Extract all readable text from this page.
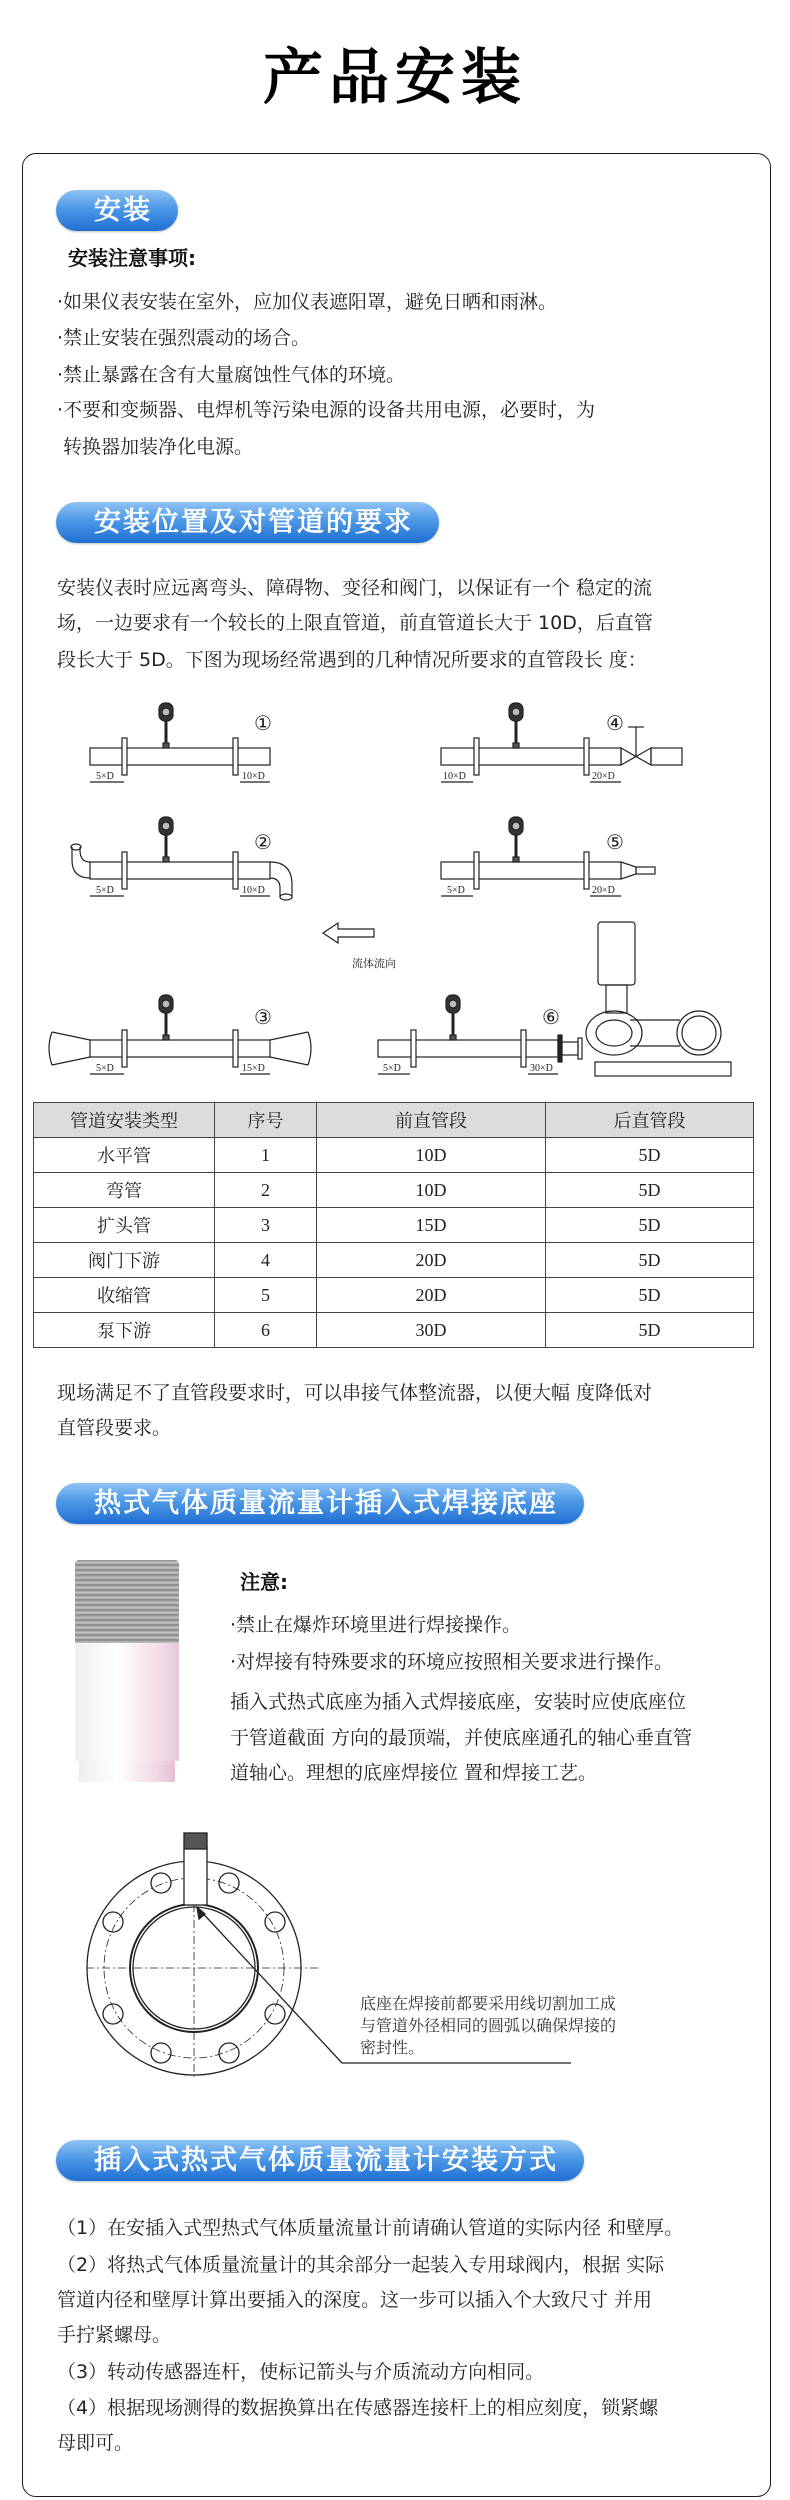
产品安装
安装
安装注意事项:
·如果仪表安装在室外，应加仪表遮阳罩，避免日晒和雨淋。
·禁止安装在强烈震动的场合。
·禁止暴露在含有大量腐蚀性气体的环境。
·不要和变频器、电焊机等污染电源的设备共用电源，必要时，为
转换器加装净化电源。
安装位置及对管道的要求
安装仪表时应远离弯头、障碍物、变径和阀门，以保证有一个 稳定的流
场，一边要求有一个较长的上限直管道，前直管道长大于 10D，后直管
段长大于 5D。下图为现场经常遇到的几种情况所要求的直管段长 度：
①	④
②	⑤
③	⑥
5×D	10×D	10×D	20×D
5×D	10×D	5×D	20×D
5×D	15×D	5×D	30×D
流体流向
管道安装类型	序号	前直管段	后直管段
水平管	1	10D	5D
弯管	2	10D	5D
扩头管	3	15D	5D
阀门下游	4	20D	5D
收缩管	5	20D	5D
泵下游	6	30D	5D
现场满足不了直管段要求时，可以串接气体整流器，以便大幅 度降低对
直管段要求。
热式气体质量流量计插入式焊接底座
注意:
·禁止在爆炸环境里进行焊接操作。
·对焊接有特殊要求的环境应按照相关要求进行操作。
插入式热式底座为插入式焊接底座，安装时应使底座位
于管道截面 方向的最顶端，并使底座通孔的轴心垂直管
道轴心。理想的底座焊接位 置和焊接工艺。
底座在焊接前都要采用线切割加工成
与管道外径相同的圆弧以确保焊接的
密封性。
插入式热式气体质量流量计安装方式
（1）在安插入式型热式气体质量流量计前请确认管道的实际内径 和壁厚。
（2）将热式气体质量流量计的其余部分一起装入专用球阀内，根据 实际
管道内径和壁厚计算出要插入的深度。这一步可以插入个大致尺寸 并用
手拧紧螺母。
（3）转动传感器连杆，使标记箭头与介质流动方向相同。
（4）根据现场测得的数据换算出在传感器连接杆上的相应刻度，锁紧螺
母即可。
